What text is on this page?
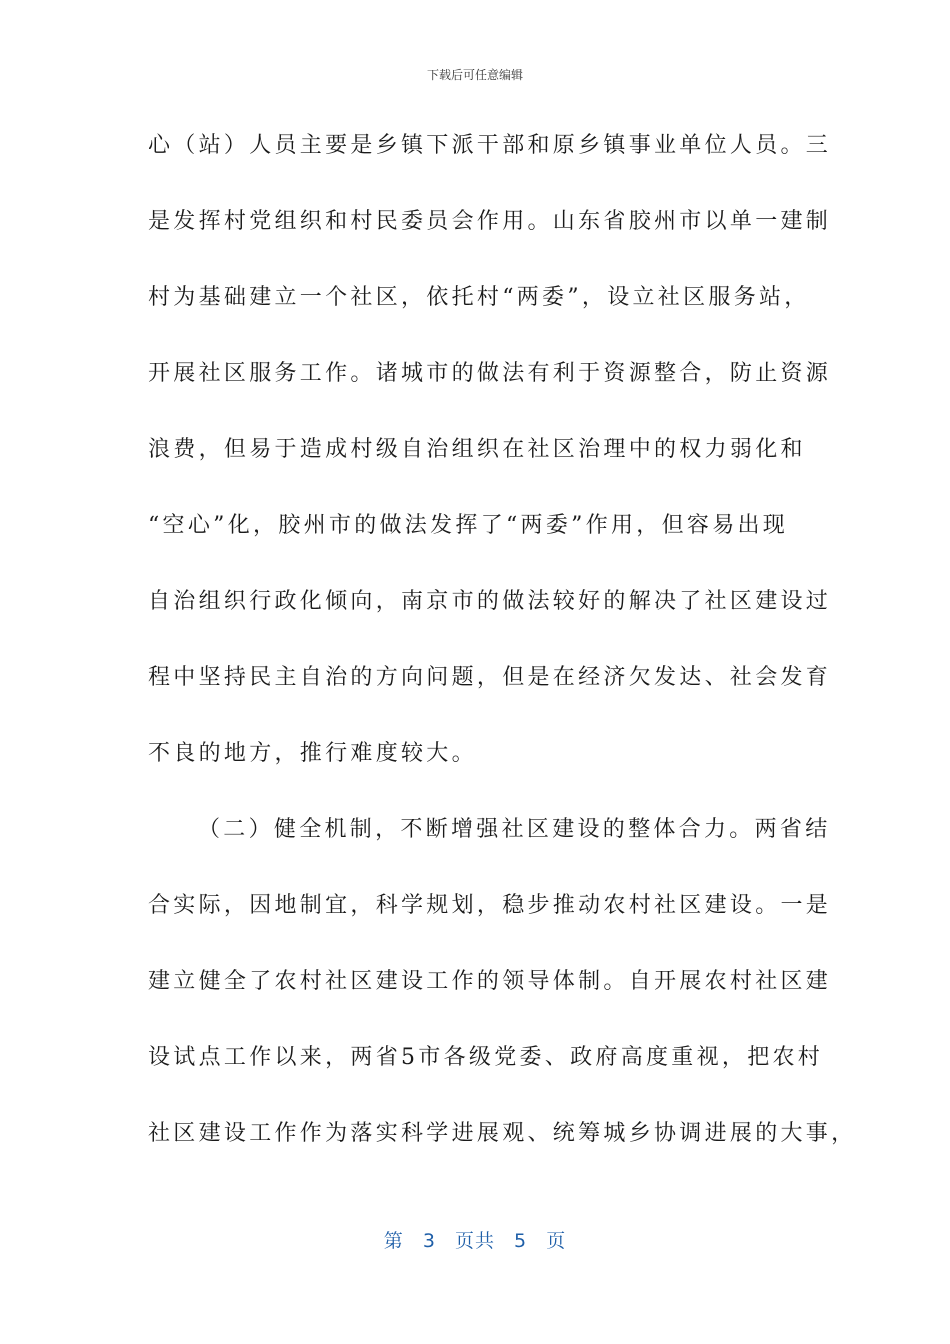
下载后可任意编辑
心（站）人员主要是乡镇下派干部和原乡镇事业单位人员。三
是发挥村党组织和村民委员会作用。山东省胶州市以单一建制
村为基础建立一个社区，依托村“两委”，设立社区服务站，
开展社区服务工作。诸城市的做法有利于资源整合，防止资源
浪费，但易于造成村级自治组织在社区治理中的权力弱化和
“空心”化，胶州市的做法发挥了“两委”作用，但容易出现
自治组织行政化倾向，南京市的做法较好的解决了社区建设过
程中坚持民主自治的方向问题，但是在经济欠发达、社会发育
不良的地方，推行难度较大。
（二）健全机制，不断增强社区建设的整体合力。两省结
合实际，因地制宜，科学规划，稳步推动农村社区建设。一是
建立健全了农村社区建设工作的领导体制。自开展农村社区建
设试点工作以来，两省5市各级党委、政府高度重视，把农村
社区建设工作作为落实科学进展观、统筹城乡协调进展的大事，
第 3 页共 5 页
